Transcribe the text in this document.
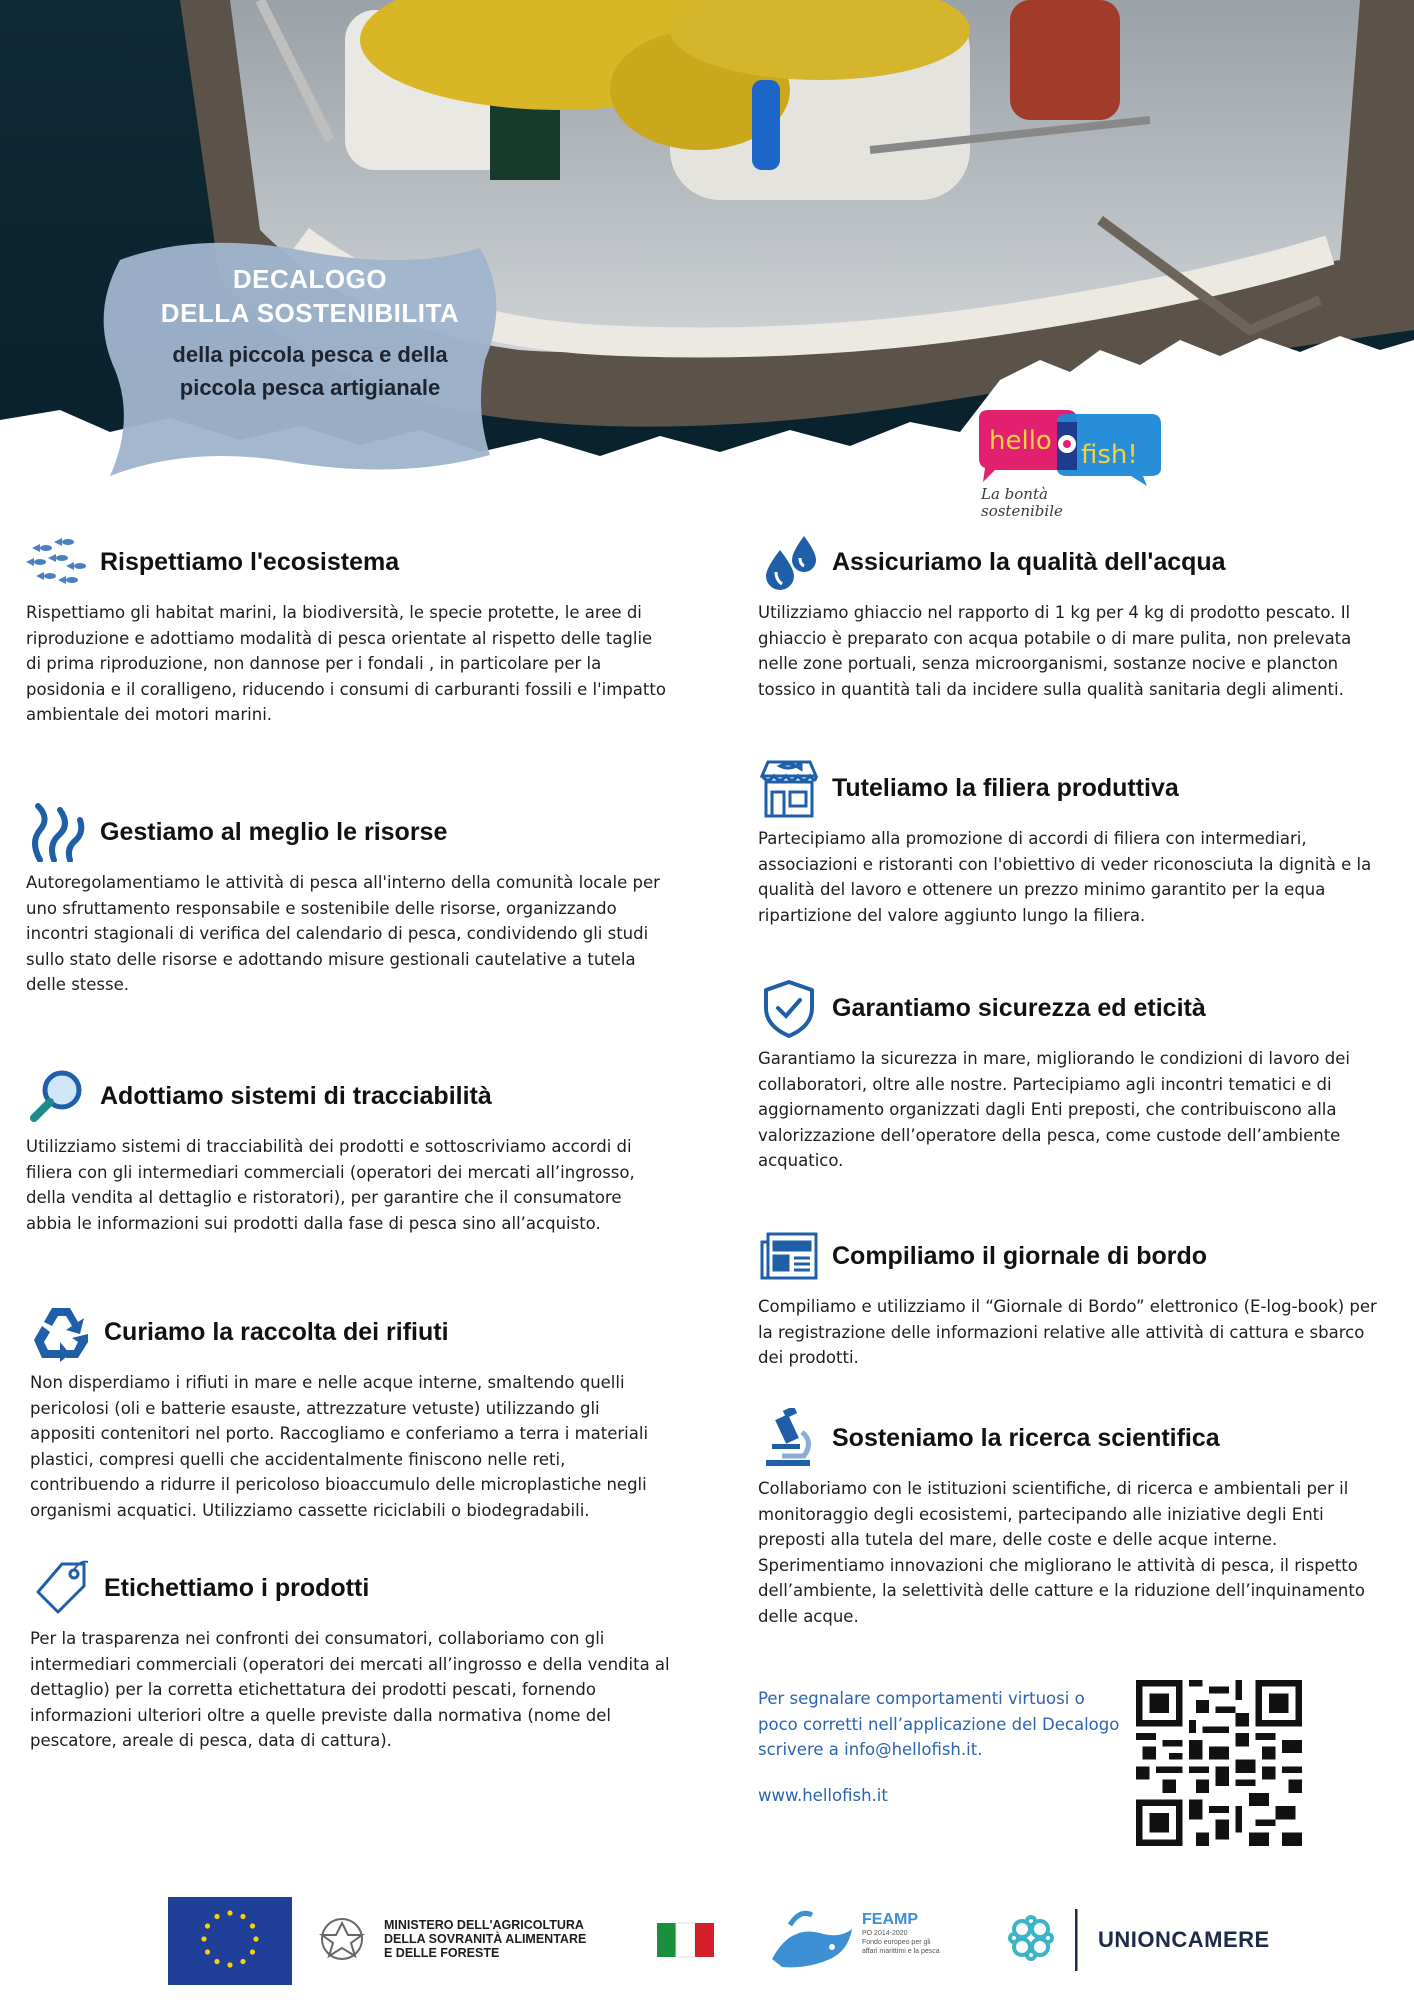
DECALOGO
DELLA SOSTENIBILITA
della piccola pesca e della
piccola pesca artigianale
hello fish!
La bontà
sostenibile
Rispettiamo l'ecosistema
Rispettiamo gli habitat marini, la biodiversità, le specie protette, le aree di riproduzione e adottiamo modalità di pesca orientate al rispetto delle taglie di prima riproduzione, non dannose per i fondali , in particolare per la posidonia e il coralligeno, riducendo i consumi di carburanti fossili e l'impatto ambientale dei motori marini.
Gestiamo al meglio le risorse
Autoregolamentiamo le attività di pesca all'interno della comunità locale per uno sfruttamento responsabile e sostenibile delle risorse, organizzando incontri stagionali di verifica del calendario di pesca, condividendo gli studi sullo stato delle risorse e adottando misure gestionali cautelative a tutela delle stesse.
Adottiamo sistemi di tracciabilità
Utilizziamo sistemi di tracciabilità dei prodotti e sottoscriviamo accordi di filiera con gli intermediari commerciali (operatori dei mercati all’ingrosso, della vendita al dettaglio e ristoratori), per garantire che il consumatore abbia le informazioni sui prodotti dalla fase di pesca sino all’acquisto.
Curiamo la raccolta dei rifiuti
Non disperdiamo i rifiuti in mare e nelle acque interne, smaltendo quelli pericolosi (oli e batterie esauste, attrezzature vetuste) utilizzando gli appositi contenitori nel porto. Raccogliamo e conferiamo a terra i materiali plastici, compresi quelli che accidentalmente finiscono nelle reti, contribuendo a ridurre il pericoloso bioaccumulo delle microplastiche negli organismi acquatici. Utilizziamo cassette riciclabili o biodegradabili.
Etichettiamo i prodotti
Per la trasparenza nei confronti dei consumatori, collaboriamo con gli intermediari commerciali (operatori dei mercati all’ingrosso e della vendita al dettaglio) per la corretta etichettatura dei prodotti pescati, fornendo informazioni ulteriori oltre a quelle previste dalla normativa (nome del pescatore, areale di pesca, data di cattura).
Assicuriamo la qualità dell'acqua
Utilizziamo ghiaccio nel rapporto di 1 kg per 4 kg di prodotto pescato. Il ghiaccio è preparato con acqua potabile o di mare pulita, non prelevata nelle zone portuali, senza microorganismi, sostanze nocive e plancton tossico in quantità tali da incidere sulla qualità sanitaria degli alimenti.
Tuteliamo la filiera produttiva
Partecipiamo alla promozione di accordi di filiera con intermediari, associazioni e ristoranti con l'obiettivo di veder riconosciuta la dignità e la qualità del lavoro e ottenere un prezzo minimo garantito per la equa ripartizione del valore aggiunto lungo la filiera.
Garantiamo sicurezza ed eticità
Garantiamo la sicurezza in mare, migliorando le condizioni di lavoro dei collaboratori, oltre alle nostre. Partecipiamo agli incontri tematici e di aggiornamento organizzati dagli Enti preposti, che contribuiscono alla valorizzazione dell’operatore della pesca, come custode dell’ambiente acquatico.
Compiliamo il giornale di bordo
Compiliamo e utilizziamo il “Giornale di Bordo” elettronico (E-log-book) per la registrazione delle informazioni relative alle attività di cattura e sbarco dei prodotti.
Sosteniamo la ricerca scientifica
Collaboriamo con le istituzioni scientifiche, di ricerca e ambientali per il monitoraggio degli ecosistemi, partecipando alle iniziative degli Enti preposti alla tutela del mare, delle coste e delle acque interne. Sperimentiamo innovazioni che migliorano le attività di pesca, il rispetto dell’ambiente, la selettività delle catture e la riduzione dell’inquinamento delle acque.
Per segnalare comportamenti virtuosi o poco corretti nell’applicazione del Decalogo scrivere a info@hellofish.it.
www.hellofish.it
MINISTERO DELL'AGRICOLTURA
DELLA SOVRANITÀ ALIMENTARE
E DELLE FORESTE
FEAMP
PO 2014-2020
Fondo europeo per gli
affari marittimi e la pesca	UNIONCAMERE
